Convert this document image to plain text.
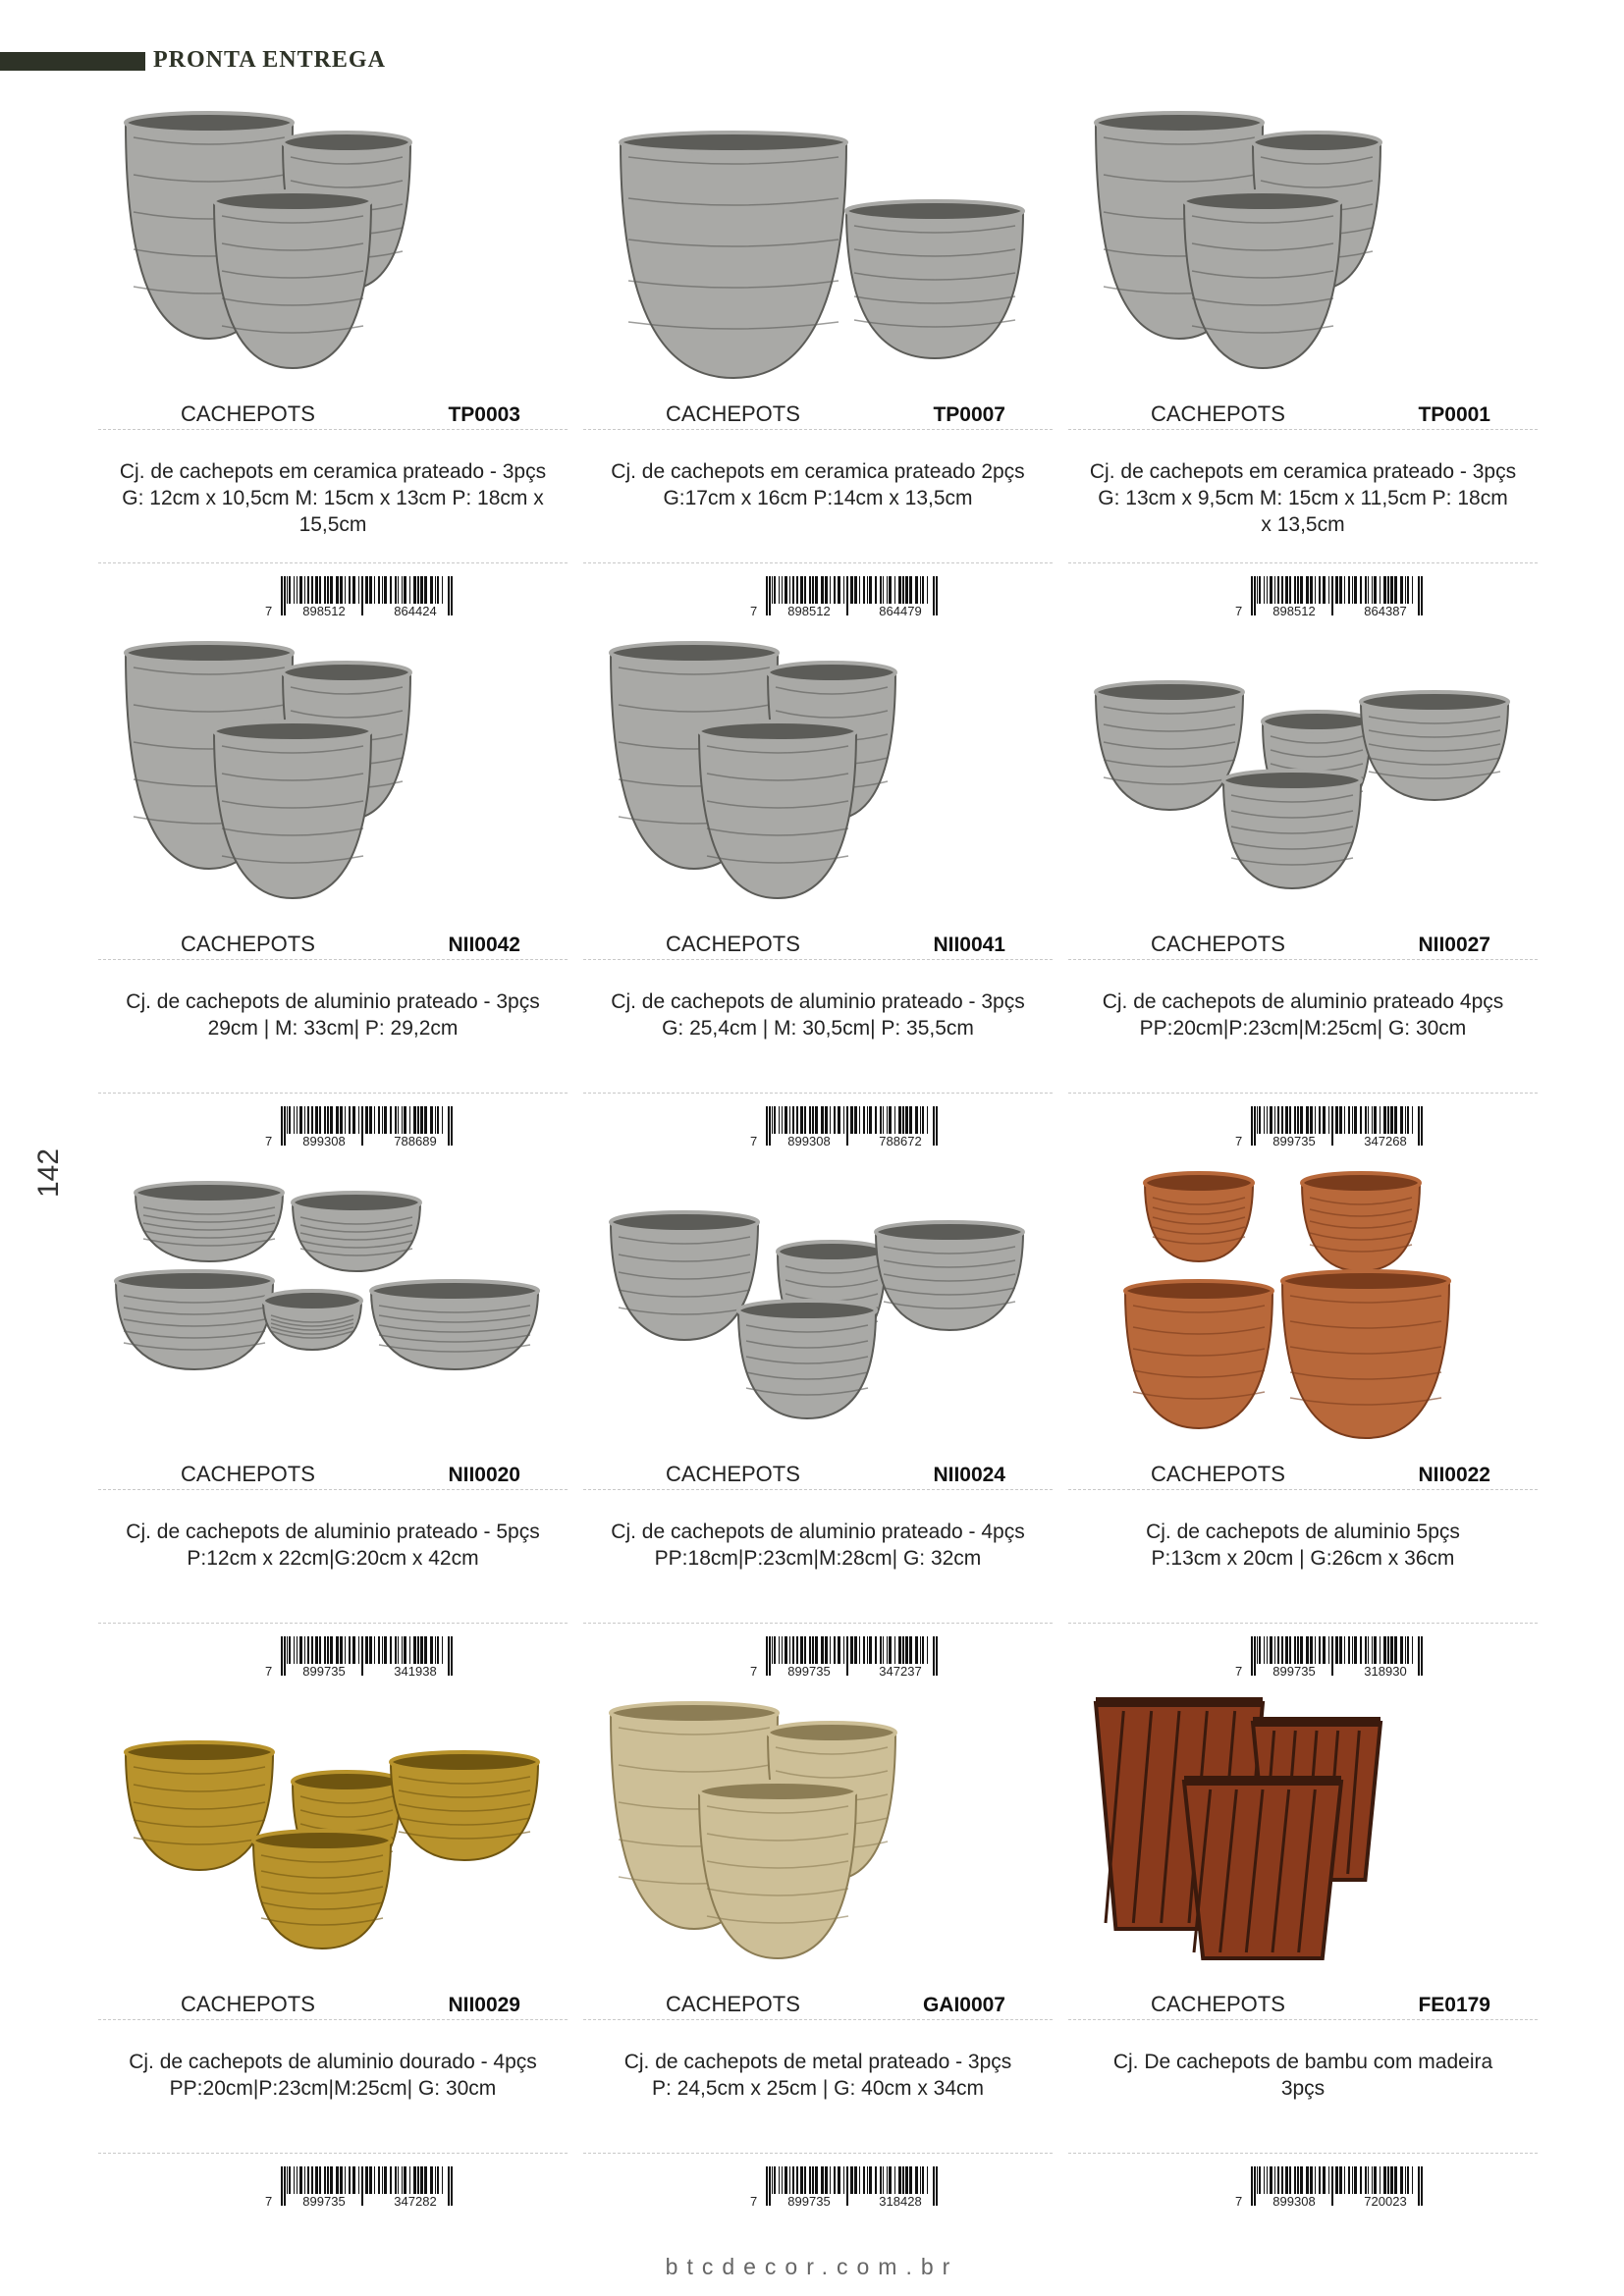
PRONTA ENTREGA
142
CACHEPOTS	TP0003
Cj. de cachepots em ceramica prateado - 3pçs
G: 12cm x 10,5cm M: 15cm x 13cm P: 18cm x
15,5cm
7 898512	864424
CACHEPOTS	TP0007
Cj. de cachepots em ceramica prateado 2pçs
G:17cm x 16cm P:14cm x 13,5cm
7 898512	864479
CACHEPOTS	TP0001
Cj. de cachepots em ceramica prateado - 3pçs
G: 13cm x 9,5cm M: 15cm x 11,5cm P: 18cm
x 13,5cm
7 898512	864387
CACHEPOTS	NII0042
Cj. de cachepots de aluminio prateado - 3pçs
29cm | M: 33cm| P: 29,2cm
7 899308	788689
CACHEPOTS	NII0041
Cj. de cachepots de aluminio prateado - 3pçs
G: 25,4cm | M: 30,5cm| P: 35,5cm
7 899308	788672
CACHEPOTS	NII0027
Cj. de cachepots de aluminio prateado 4pçs
PP:20cm|P:23cm|M:25cm| G: 30cm
7 899735	347268
CACHEPOTS	NII0020
Cj. de cachepots de aluminio prateado - 5pçs
P:12cm x 22cm|G:20cm x 42cm
7 899735	341938
CACHEPOTS	NII0024
Cj. de cachepots de aluminio prateado - 4pçs
PP:18cm|P:23cm|M:28cm| G: 32cm
7 899735	347237
CACHEPOTS	NII0022
Cj. de cachepots de aluminio 5pçs
P:13cm x 20cm | G:26cm x 36cm
7 899735	318930
CACHEPOTS	NII0029
Cj. de cachepots de aluminio dourado - 4pçs
PP:20cm|P:23cm|M:25cm| G: 30cm
7 899735	347282
CACHEPOTS	GAI0007
Cj. de cachepots de metal prateado - 3pçs
P: 24,5cm x 25cm | G: 40cm x 34cm
7 899735	318428
CACHEPOTS	FE0179
Cj. De cachepots de bambu com madeira
3pçs
7 899308	720023
btcdecor.com.br
